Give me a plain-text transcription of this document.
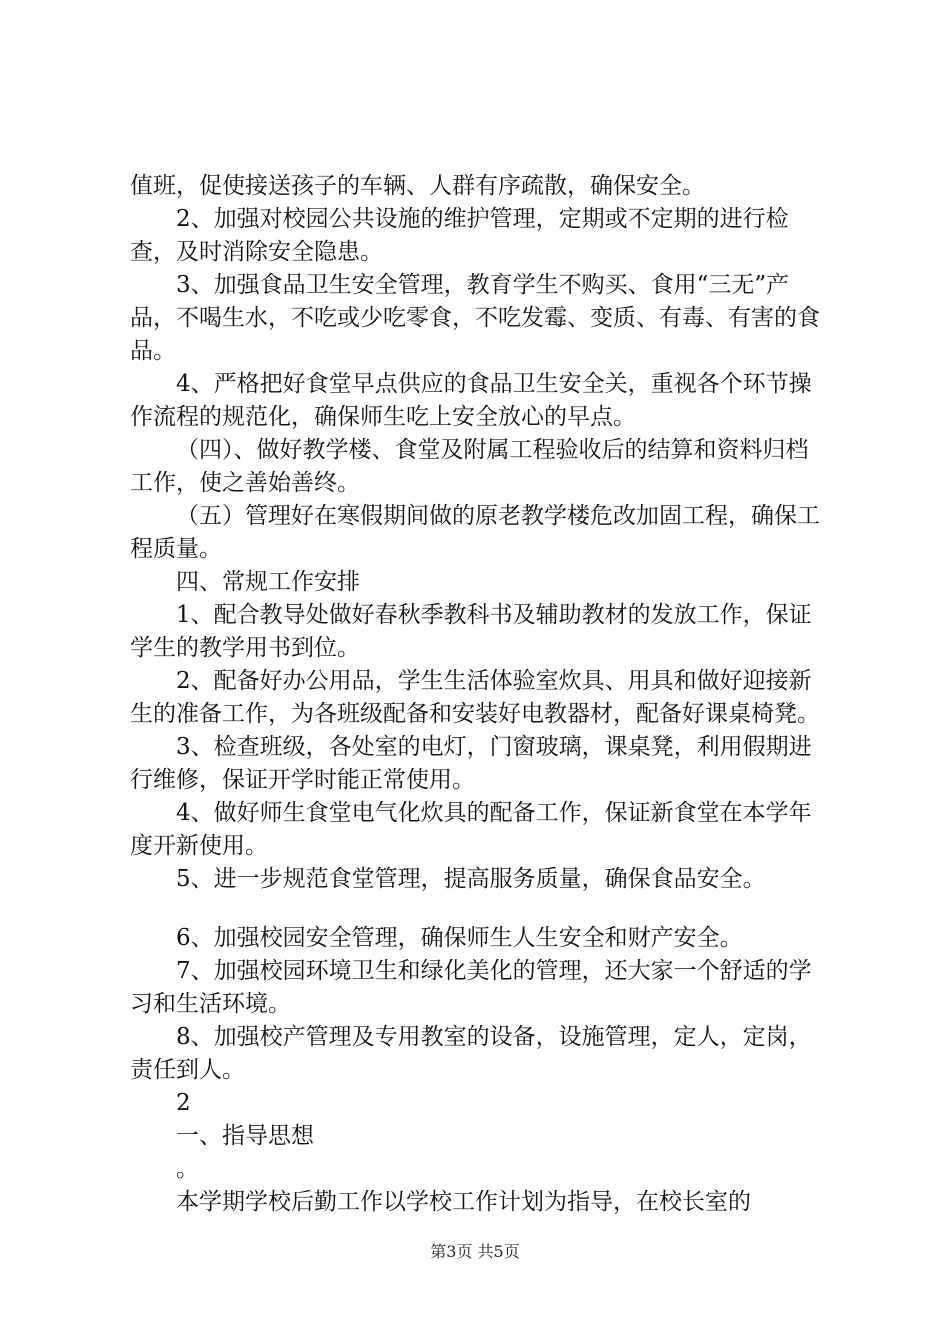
值班，促使接送孩子的车辆、人群有序疏散，确保安全。

2、加强对校园公共设施的维护管理，定期或不定期的进行检查，及时消除安全隐患。

3、加强食品卫生安全管理，教育学生不购买、食用“三无”产品，不喝生水，不吃或少吃零食，不吃发霉、变质、有毒、有害的食品。

4、严格把好食堂早点供应的食品卫生安全关，重视各个环节操作流程的规范化，确保师生吃上安全放心的早点。

（四）、做好教学楼、食堂及附属工程验收后的结算和资料归档工作，使之善始善终。

（五）管理好在寒假期间做的原老教学楼危改加固工程，确保工程质量。

四、常规工作安排

1、配合教导处做好春秋季教科书及辅助教材的发放工作，保证学生的教学用书到位。

2、配备好办公用品，学生生活体验室炊具、用具和做好迎接新生的准备工作，为各班级配备和安装好电教器材，配备好课桌椅凳。

3、检查班级，各处室的电灯，门窗玻璃，课桌凳，利用假期进行维修，保证开学时能正常使用。

4、做好师生食堂电气化炊具的配备工作，保证新食堂在本学年度开新使用。

5、进一步规范食堂管理，提高服务质量，确保食品安全。

6、加强校园安全管理，确保师生人生安全和财产安全。

7、加强校园环境卫生和绿化美化的管理，还大家一个舒适的学习和生活环境。

8、加强校产管理及专用教室的设备，设施管理，定人，定岗，责任到人。

2

一、指导思想

。

本学期学校后勤工作以学校工作计划为指导，在校长室的

第3页 共5页
